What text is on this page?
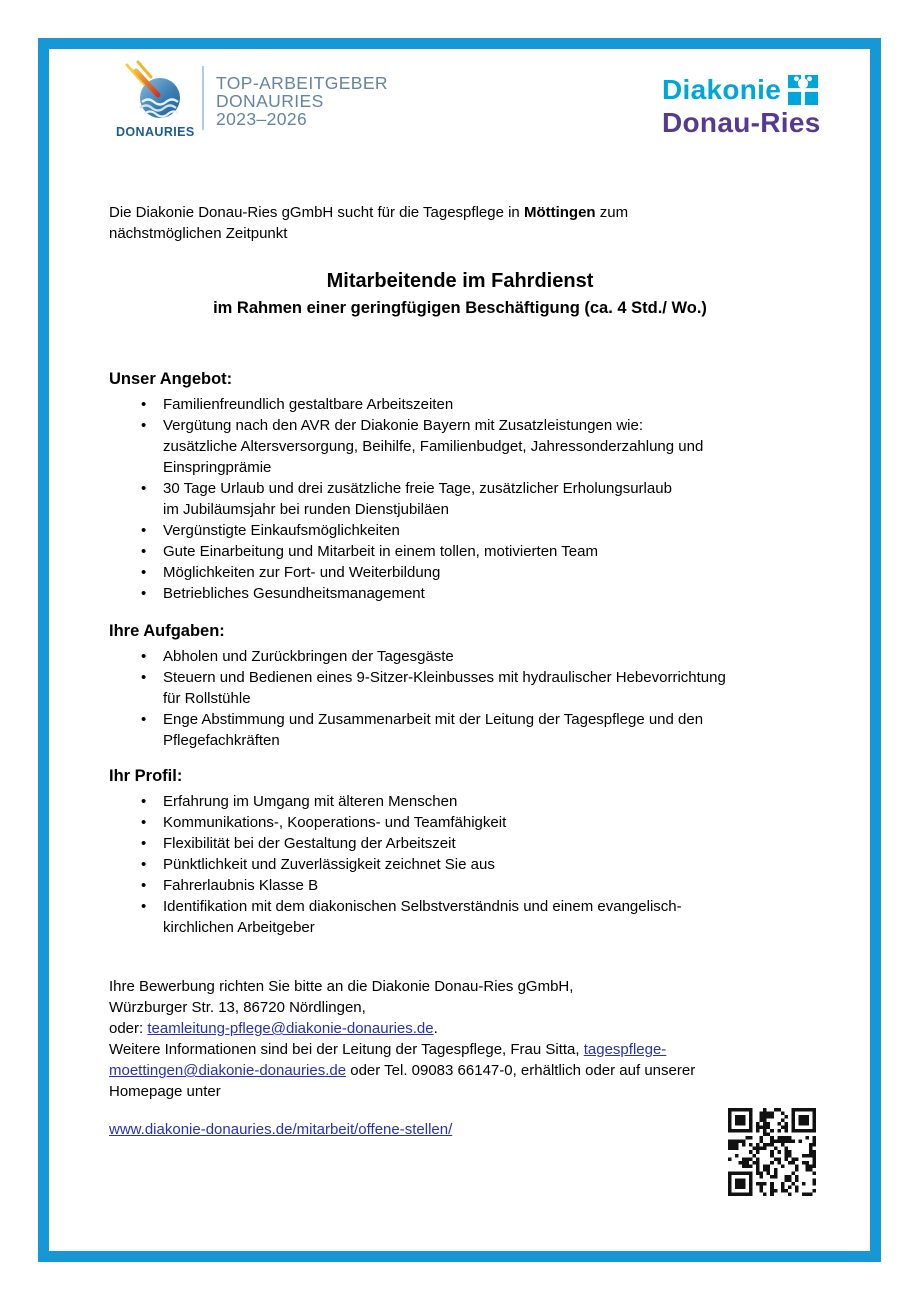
DONAURIES
TOP-ARBEITGEBER
DONAURIES
2023–2026
Diakonie
Donau-Ries
Die Diakonie Donau-Ries gGmbH sucht für die Tagespflege in Möttingen zum
nächstmöglichen Zeitpunkt
Mitarbeitende im Fahrdienst
im Rahmen einer geringfügigen Beschäftigung (ca. 4 Std./ Wo.)
Unser Angebot:
• Familienfreundlich gestaltbare Arbeitszeiten
• Vergütung nach den AVR der Diakonie Bayern mit Zusatzleistungen wie:
zusätzliche Altersversorgung, Beihilfe, Familienbudget, Jahressonderzahlung und
Einspringprämie
• 30 Tage Urlaub und drei zusätzliche freie Tage, zusätzlicher Erholungsurlaub
im Jubiläumsjahr bei runden Dienstjubiläen
• Vergünstigte Einkaufsmöglichkeiten
• Gute Einarbeitung und Mitarbeit in einem tollen, motivierten Team
• Möglichkeiten zur Fort- und Weiterbildung
• Betriebliches Gesundheitsmanagement
Ihre Aufgaben:
• Abholen und Zurückbringen der Tagesgäste
• Steuern und Bedienen eines 9-Sitzer-Kleinbusses mit hydraulischer Hebevorrichtung
für Rollstühle
• Enge Abstimmung und Zusammenarbeit mit der Leitung der Tagespflege und den
Pflegefachkräften
Ihr Profil:
• Erfahrung im Umgang mit älteren Menschen
• Kommunikations-, Kooperations- und Teamfähigkeit
• Flexibilität bei der Gestaltung der Arbeitszeit
• Pünktlichkeit und Zuverlässigkeit zeichnet Sie aus
• Fahrerlaubnis Klasse B
• Identifikation mit dem diakonischen Selbstverständnis und einem evangelisch-
kirchlichen Arbeitgeber
Ihre Bewerbung richten Sie bitte an die Diakonie Donau-Ries gGmbH,
Würzburger Str. 13, 86720 Nördlingen,
oder: teamleitung-pflege@diakonie-donauries.de.
Weitere Informationen sind bei der Leitung der Tagespflege, Frau Sitta, tagespflege-
moettingen@diakonie-donauries.de oder Tel. 09083 66147-0, erhältlich oder auf unserer
Homepage unter
www.diakonie-donauries.de/mitarbeit/offene-stellen/
